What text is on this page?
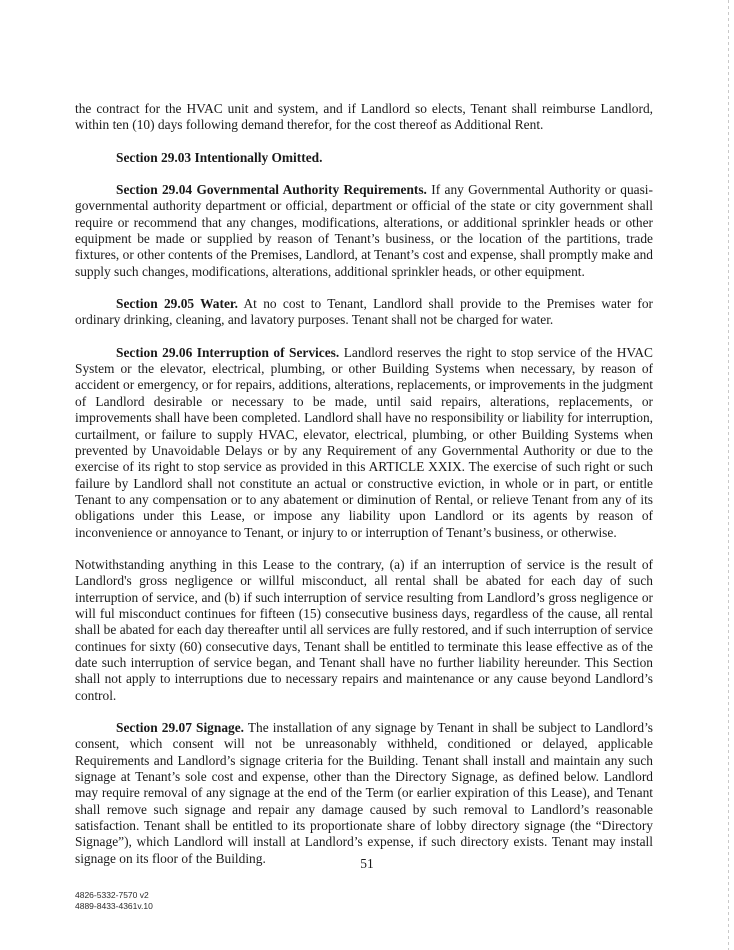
the contract for the HVAC unit and system, and if Landlord so elects, Tenant shall reimburse Landlord, within ten (10) days following demand therefor, for the cost thereof as Additional Rent.

Section 29.03 Intentionally Omitted.

Section 29.04 Governmental Authority Requirements. If any Governmental Authority or quasi-governmental authority department or official, department or official of the state or city government shall require or recommend that any changes, modifications, alterations, or additional sprinkler heads or other equipment be made or supplied by reason of Tenant’s business, or the location of the partitions, trade fixtures, or other contents of the Premises, Landlord, at Tenant’s cost and expense, shall promptly make and supply such changes, modifications, alterations, additional sprinkler heads, or other equipment.

Section 29.05 Water. At no cost to Tenant, Landlord shall provide to the Premises water for ordinary drinking, cleaning, and lavatory purposes. Tenant shall not be charged for water.

Section 29.06 Interruption of Services. Landlord reserves the right to stop service of the HVAC System or the elevator, electrical, plumbing, or other Building Systems when necessary, by reason of accident or emergency, or for repairs, additions, alterations, replacements, or improvements in the judgment of Landlord desirable or necessary to be made, until said repairs, alterations, replacements, or improvements shall have been completed. Landlord shall have no responsibility or liability for interruption, curtailment, or failure to supply HVAC, elevator, electrical, plumbing, or other Building Systems when prevented by Unavoidable Delays or by any Requirement of any Governmental Authority or due to the exercise of its right to stop service as provided in this ARTICLE XXIX. The exercise of such right or such failure by Landlord shall not constitute an actual or constructive eviction, in whole or in part, or entitle Tenant to any compensation or to any abatement or diminution of Rental, or relieve Tenant from any of its obligations under this Lease, or impose any liability upon Landlord or its agents by reason of inconvenience or annoyance to Tenant, or injury to or interruption of Tenant’s business, or otherwise.

Notwithstanding anything in this Lease to the contrary, (a) if an interruption of service is the result of Landlord's gross negligence or willful misconduct, all rental shall be abated for each day of such interruption of service, and (b) if such interruption of service resulting from Landlord’s gross negligence or will ful misconduct continues for fifteen (15) consecutive business days, regardless of the cause, all rental shall be abated for each day thereafter until all services are fully restored, and if such interruption of service continues for sixty (60) consecutive days, Tenant shall be entitled to terminate this lease effective as of the date such interruption of service began, and Tenant shall have no further liability hereunder. This Section shall not apply to interruptions due to necessary repairs and maintenance or any cause beyond Landlord’s control.

Section 29.07 Signage. The installation of any signage by Tenant in shall be subject to Landlord’s consent, which consent will not be unreasonably withheld, conditioned or delayed, applicable Requirements and Landlord’s signage criteria for the Building. Tenant shall install and maintain any such signage at Tenant’s sole cost and expense, other than the Directory Signage, as defined below. Landlord may require removal of any signage at the end of the Term (or earlier expiration of this Lease), and Tenant shall remove such signage and repair any damage caused by such removal to Landlord’s reasonable satisfaction. Tenant shall be entitled to its proportionate share of lobby directory signage (the “Directory Signage”), which Landlord will install at Landlord’s expense, if such directory exists. Tenant may install signage on its floor of the Building.	51
4826-5332-7570 v2
4889-8433-4361v.10
